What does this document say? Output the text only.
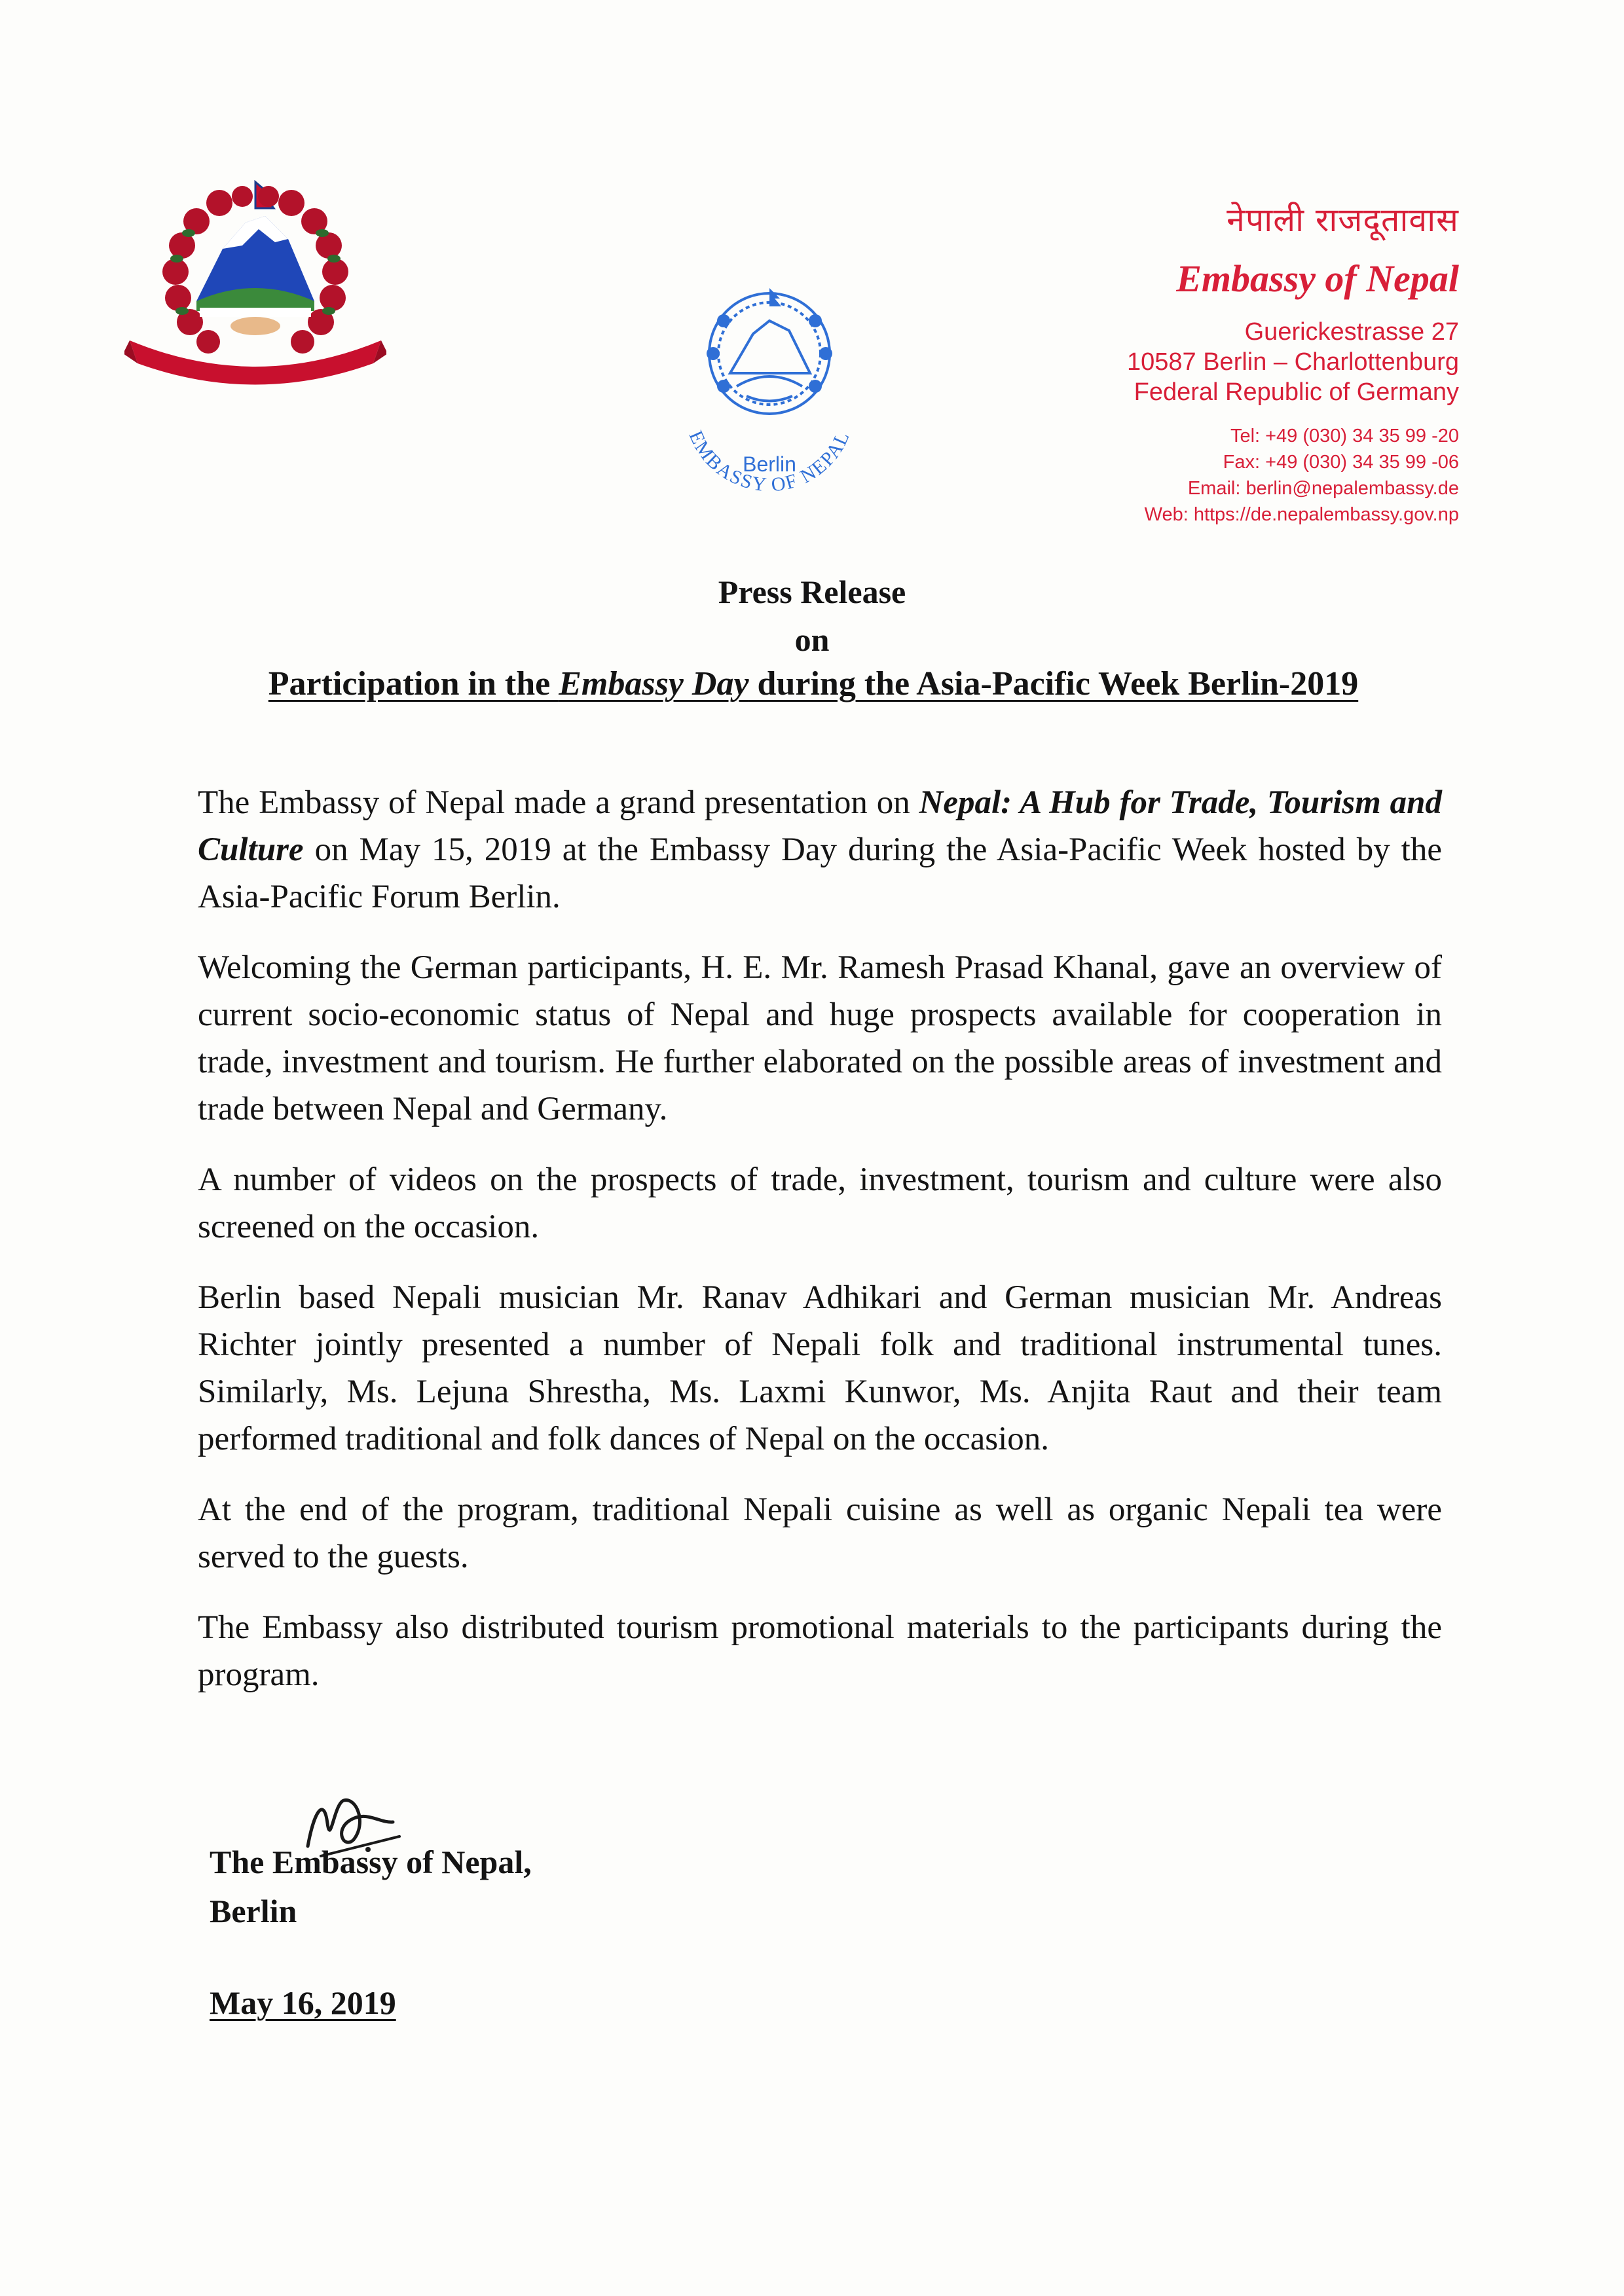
EMBASSY OF NEPAL
Berlin
नेपाली राजदूतावास
Embassy of Nepal
Guerickestrasse 27
10587 Berlin – Charlottenburg
Federal Republic of Germany
Tel: +49 (030) 34 35 99 -20
Fax: +49 (030) 34 35 99 -06
Email: berlin@nepalembassy.de
Web: https://de.nepalembassy.gov.np
Press Release
on
Participation in the Embassy Day during the Asia-Pacific Week Berlin-2019

The Embassy of Nepal made a grand presentation on Nepal: A Hub for Trade, Tourism and Culture on May 15, 2019 at the Embassy Day during the Asia-Pacific Week hosted by the Asia-Pacific Forum Berlin.

Welcoming the German participants, H. E. Mr. Ramesh Prasad Khanal, gave an overview of current socio-economic status of Nepal and huge prospects available for cooperation in trade, investment and tourism. He further elaborated on the possible areas of investment and trade between Nepal and Germany.

A number of videos on the prospects of trade, investment, tourism and culture were also screened on the occasion.

Berlin based Nepali musician Mr. Ranav Adhikari and German musician Mr. Andreas Richter jointly presented a number of Nepali folk and traditional instrumental tunes. Similarly, Ms. Lejuna Shrestha, Ms. Laxmi Kunwor, Ms. Anjita Raut and their team performed traditional and folk dances of Nepal on the occasion.

At the end of the program, traditional Nepali cuisine as well as organic Nepali tea were served to the guests.

The Embassy also distributed tourism promotional materials to the participants during the program.

The Embassy of Nepal,
Berlin
May 16, 2019
